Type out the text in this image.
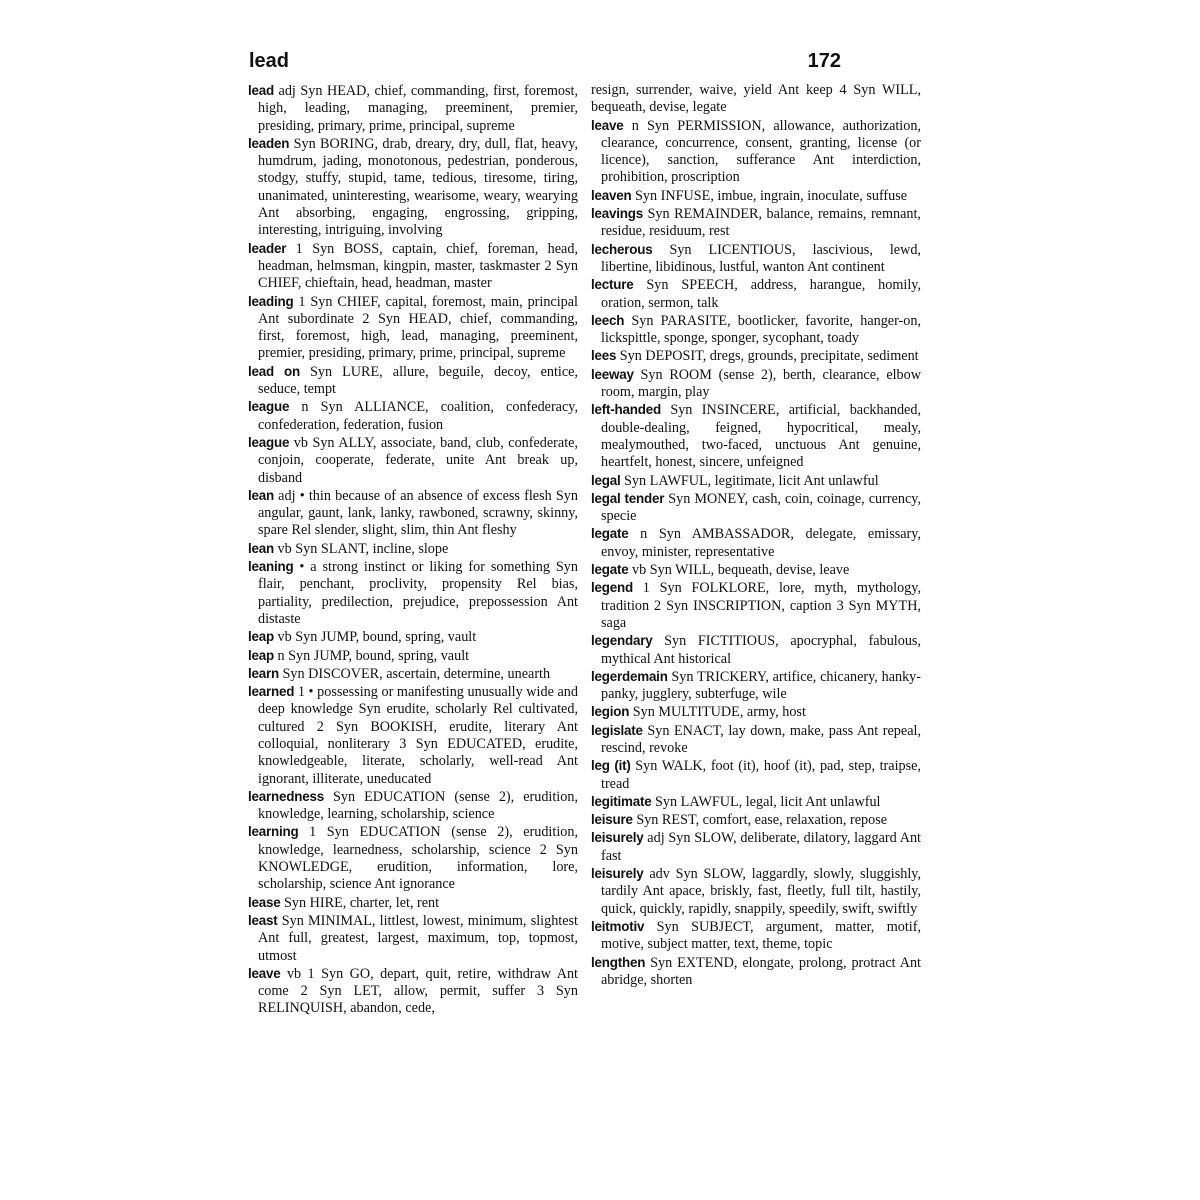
lead	172

lead adj Syn HEAD, chief, commanding, first, foremost, high, leading, managing, preeminent, premier, presiding, primary, prime, principal, supreme

leaden Syn BORING, drab, dreary, dry, dull, flat, heavy, humdrum, jading, monotonous, pedestrian, ponderous, stodgy, stuffy, stupid, tame, tedious, tiresome, tiring, unanimated, uninteresting, wearisome, weary, wearying Ant absorbing, engaging, engrossing, gripping, interesting, intriguing, involving

leader 1 Syn BOSS, captain, chief, foreman, head, headman, helmsman, kingpin, master, taskmaster 2 Syn CHIEF, chieftain, head, headman, master

leading 1 Syn CHIEF, capital, foremost, main, principal Ant subordinate 2 Syn HEAD, chief, commanding, first, foremost, high, lead, managing, preeminent, premier, presiding, primary, prime, principal, supreme

lead on Syn LURE, allure, beguile, decoy, entice, seduce, tempt

league n Syn ALLIANCE, coalition, confederacy, confederation, federation, fusion

league vb Syn ALLY, associate, band, club, confederate, conjoin, cooperate, federate, unite Ant break up, disband

lean adj • thin because of an absence of excess flesh Syn angular, gaunt, lank, lanky, rawboned, scrawny, skinny, spare Rel slender, slight, slim, thin Ant fleshy

lean vb Syn SLANT, incline, slope

leaning • a strong instinct or liking for something Syn flair, penchant, proclivity, propensity Rel bias, partiality, predilection, prejudice, prepossession Ant distaste

leap vb Syn JUMP, bound, spring, vault

leap n Syn JUMP, bound, spring, vault

learn Syn DISCOVER, ascertain, determine, unearth

learned 1 • possessing or manifesting unusually wide and deep knowledge Syn erudite, scholarly Rel cultivated, cultured 2 Syn BOOKISH, erudite, literary Ant colloquial, nonliterary 3 Syn EDUCATED, erudite, knowledgeable, literate, scholarly, well-read Ant ignorant, illiterate, uneducated

learnedness Syn EDUCATION (sense 2), erudition, knowledge, learning, scholarship, science

learning 1 Syn EDUCATION (sense 2), erudition, knowledge, learnedness, scholarship, science 2 Syn KNOWLEDGE, erudition, information, lore, scholarship, science Ant ignorance

lease Syn HIRE, charter, let, rent

least Syn MINIMAL, littlest, lowest, minimum, slightest Ant full, greatest, largest, maximum, top, topmost, utmost

leave vb 1 Syn GO, depart, quit, retire, withdraw Ant come 2 Syn LET, allow, permit, suffer 3 Syn RELINQUISH, abandon, cede,

resign, surrender, waive, yield Ant keep 4 Syn WILL, bequeath, devise, legate

leave n Syn PERMISSION, allowance, authorization, clearance, concurrence, consent, granting, license (or licence), sanction, sufferance Ant interdiction, prohibition, proscription

leaven Syn INFUSE, imbue, ingrain, inoculate, suffuse

leavings Syn REMAINDER, balance, remains, remnant, residue, residuum, rest

lecherous Syn LICENTIOUS, lascivious, lewd, libertine, libidinous, lustful, wanton Ant continent

lecture Syn SPEECH, address, harangue, homily, oration, sermon, talk

leech Syn PARASITE, bootlicker, favorite, hanger-on, lickspittle, sponge, sponger, sycophant, toady

lees Syn DEPOSIT, dregs, grounds, precipitate, sediment

leeway Syn ROOM (sense 2), berth, clearance, elbow room, margin, play

left-handed Syn INSINCERE, artificial, backhanded, double-dealing, feigned, hypocritical, mealy, mealymouthed, two-faced, unctuous Ant genuine, heartfelt, honest, sincere, unfeigned

legal Syn LAWFUL, legitimate, licit Ant unlawful

legal tender Syn MONEY, cash, coin, coinage, currency, specie

legate n Syn AMBASSADOR, delegate, emissary, envoy, minister, representative

legate vb Syn WILL, bequeath, devise, leave

legend 1 Syn FOLKLORE, lore, myth, mythology, tradition 2 Syn INSCRIPTION, caption 3 Syn MYTH, saga

legendary Syn FICTITIOUS, apocryphal, fabulous, mythical Ant historical

legerdemain Syn TRICKERY, artifice, chicanery, hanky-panky, jugglery, subterfuge, wile

legion Syn MULTITUDE, army, host

legislate Syn ENACT, lay down, make, pass Ant repeal, rescind, revoke

leg (it) Syn WALK, foot (it), hoof (it), pad, step, traipse, tread

legitimate Syn LAWFUL, legal, licit Ant unlawful

leisure Syn REST, comfort, ease, relaxation, repose

leisurely adj Syn SLOW, deliberate, dilatory, laggard Ant fast

leisurely adv Syn SLOW, laggardly, slowly, sluggishly, tardily Ant apace, briskly, fast, fleetly, full tilt, hastily, quick, quickly, rapidly, snappily, speedily, swift, swiftly

leitmotiv Syn SUBJECT, argument, matter, motif, motive, subject matter, text, theme, topic

lengthen Syn EXTEND, elongate, prolong, protract Ant abridge, shorten
